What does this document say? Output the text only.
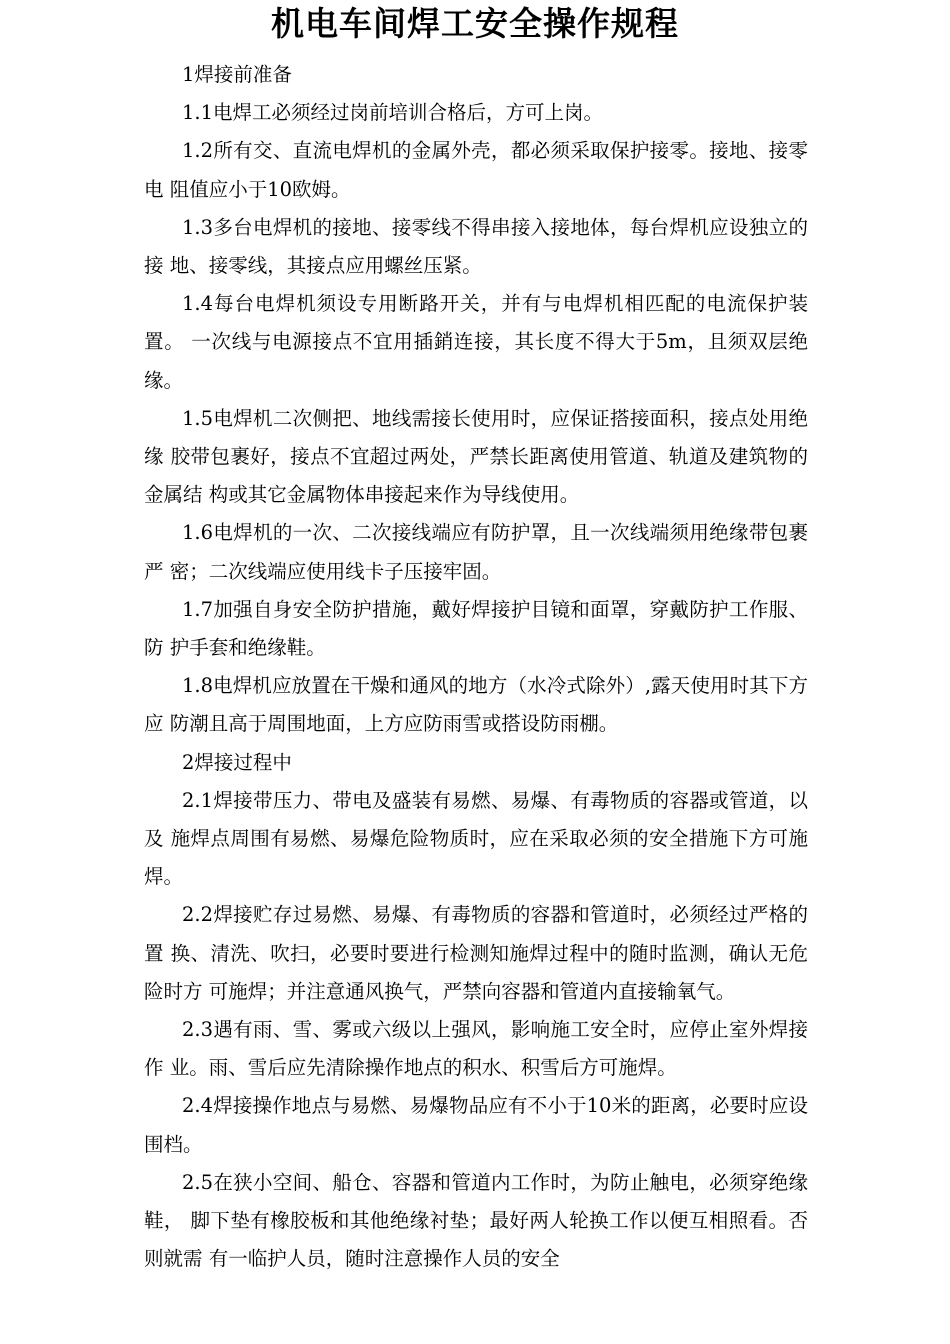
机电车间焊工安全操作规程

1焊接前准备

1.1电焊工必须经过岗前培训合格后，方可上岗。

1.2所有交、直流电焊机的金属外壳，都必须采取保护接零。接地、接零电 阻值应小于10欧姆。

1.3多台电焊机的接地、接零线不得串接入接地体，每台焊机应设独立的接 地、接零线，其接点应用螺丝压紧。

1.4每台电焊机须设专用断路开关，并有与电焊机相匹配的电流保护装置。 一次线与电源接点不宜用插銷连接，其长度不得大于5m，且须双层绝缘。

1.5电焊机二次侧把、地线需接长使用时，应保证搭接面积，接点处用绝缘 胶带包裹好，接点不宜超过两处，严禁长距离使用管道、轨道及建筑物的金属结 构或其它金属物体串接起来作为导线使用。

1.6电焊机的一次、二次接线端应有防护罩，且一次线端须用绝缘带包裹严 密；二次线端应使用线卡子压接牢固。

1.7加强自身安全防护措施，戴好焊接护目镜和面罩，穿戴防护工作服、防 护手套和绝缘鞋。

1.8电焊机应放置在干燥和通风的地方（水冷式除外）,露天使用时其下方应 防潮且高于周围地面，上方应防雨雪或搭设防雨棚。

2焊接过程中

2.1焊接带压力、带电及盛装有易燃、易爆、有毒物质的容器或管道，以及 施焊点周围有易燃、易爆危险物质时，应在采取必须的安全措施下方可施焊。

2.2焊接贮存过易燃、易爆、有毒物质的容器和管道时，必须经过严格的置 换、清洗、吹扫，必要时要进行检测知施焊过程中的随时监测，确认无危险时方 可施焊；并注意通风换气，严禁向容器和管道内直接输氧气。

2.3遇有雨、雪、雾或六级以上强风，影响施工安全时，应停止室外焊接作 业。雨、雪后应先清除操作地点的积水、积雪后方可施焊。

2.4焊接操作地点与易燃、易爆物品应有不小于10米的距离，必要时应设围档。

2.5在狭小空间、船仓、容器和管道内工作时，为防止触电，必须穿绝缘鞋， 脚下垫有橡胶板和其他绝缘衬垫；最好两人轮换工作以便互相照看。否则就需 有一临护人员，随时注意操作人员的安全
